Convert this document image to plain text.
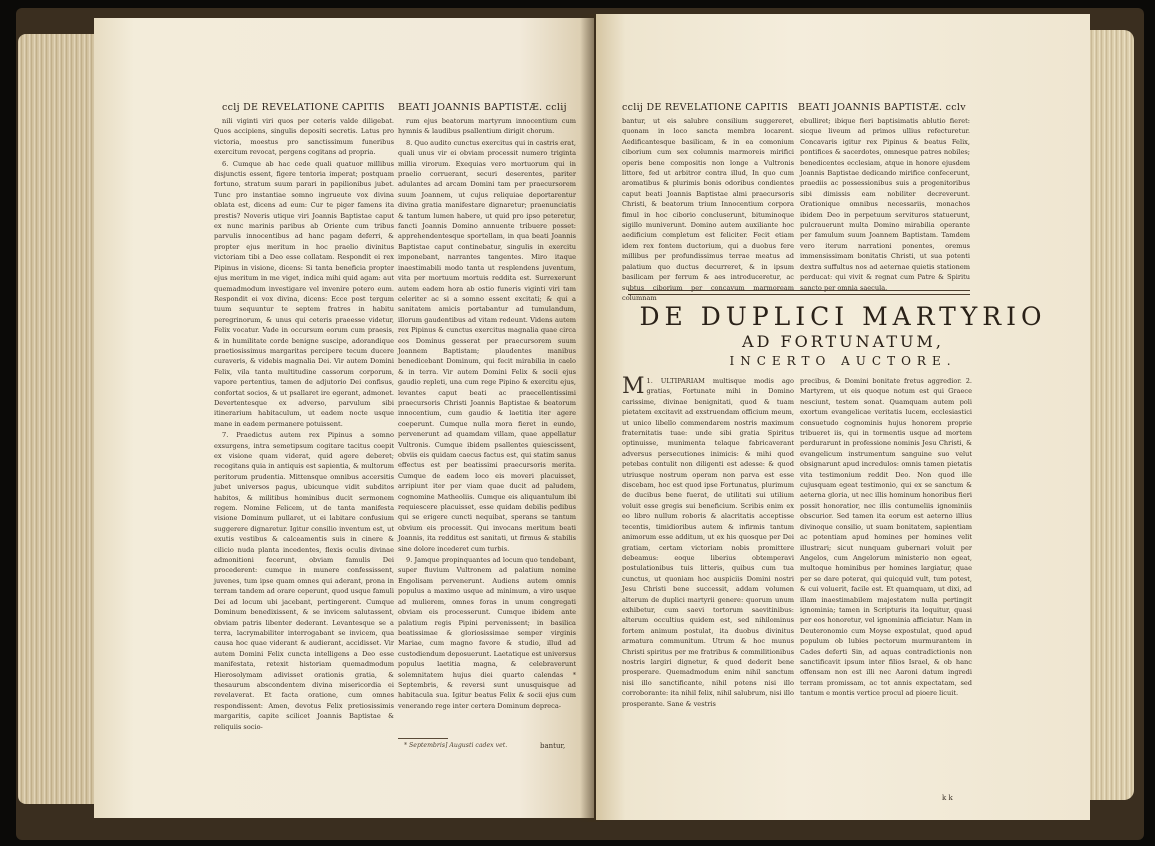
cclj DE REVELATIONE CAPITIS BEATI JOANNIS BAPTISTÆ. cclij

nili viginti viri quos per ceteris valde diligebat. Quos accipiens, singulis depositi secretis. Latus pro victoria, moestus pro sanctissimum funeribus exercitum revocat, pergens cogitans ad propria.

6. Cumque ab hac cede quali quatuor millibus disjunctis essent, figere tentoria imperat; postquam fortuno, stratum suum parari in papilionibus jubet. Tunc pro instantiae somno ingrueute vox divina oblata est, dicens ad eum: Cur te piger famens ita prestis? Noveris utique viri Joannis Baptistae caput ex nunc marinis paribus ab Oriente cum tribus parvulis innocentibus ad hanc pagam deferri, & propter ejus meritum in hoc praelio divinitus victoriam tibi a Deo esse collatam. Respondit ei rex Pipinus in visione, dicens: Si tanta beneficia propter ejus meritum in me viget, indica mihi quid agam: aut quemadmodum investigare vel invenire potero eum. Respondit ei vox divina, dicens: Ecce post tergum tuum sequuntur te septem fratres in habitu peregrinorum, & unus qui ceteris praeesse videtur, Felix vocatur. Vade in occursum eorum cum praesis, & in humilitate corde benigne suscipe, adorandique praetiosissimus margaritas percipere tecum ducere curaveris, & videbis magnalia Dei. Vir autem Domini Felix, vila tanta multitudine cassorum corporum, vapore pertentius, tamen de adjutorio Dei confisus, confortat socios, & ut psallaret ire egerant, admonet. Devertentesque ex adverso, parvulum sibi itinerarium habitaculum, ut eadem nocte usque mane in eadem permanere potuissent.

7. Praedictus autem rex Pipinus a somno exsurgens, intra semetipsum cogitare tacitus coepit ex visione quam viderat, quid agere deberet; recogitans quia in antiquis est sapientia, & multorum peritorum prudentia. Mittensque omnibus accersitis jubet universos pagus, ubicunque vidit subditos habitos, & militibus hominibus ducit sermonem regem. Nomine Felicem, ut de tanta manifesta visione Dominum pullaret, ut ei labitare confusium suggerere dignaretur. Igitur consilio inventum est, ut exutis vestibus & calceamentis suis in cinere & cilicio nuda planta incedentes, flexis oculis divinae admonitioni fecerunt, obviam famulis Dei procederent: cumque in munere confessissent, juvenes, tum ipse quam omnes qui aderant, prona in terram tandem ad orare ceperunt, quod usque famuli Dei ad locum ubi jacebant, pertingerent. Cumque Dominum benedixissent, & se invicem salutassent, obviam patris libenter dederant. Levantesque se a terra, lacrymabiliter interrogabant se invicem, qua causa hoc quae viderant & audierant, accidisset. Vir autem Domini Felix cuncta intelligens a Deo esse manifestata, retexit historiam quemadmodum Hierosolymam adivisset orationis gratia, & thesaurum abscondentem divina misericordia ei revelaverat. Et facta oratione, cum omnes respondissent: Amen, devotus Felix pretiosissimis margaritis, capite scilicet Joannis Baptistae & reliquiis socio-

rum ejus beatorum martyrum innocentium cum hymnis & laudibus psallentium dirigit chorum.

8. Quo audito cunctus exercitus qui in castris erat, quali unus vir ei obviam processit numero triginta millia virorum. Exequias vero mortuorum qui in praelio corruerant, securi deserentes, pariter adulantes ad arcam Domini tam per praecursorem suum Joannem, ut cujus reliquiae deportarentur divina gratia manifestare dignaretur; praenunciatis & tantum lumen habere, ut quid pro ipso peteretur, fancti Joannis Domino annuente tribuere posset: apprehendentesque sportellam, in qua beati Joannis Baptistae caput continebatur, singulis in exercitu imponebant, narrantes tangentes. Miro itaque inaestimabili modo tanta ut resplendens juventum, vita per mortuum mortuis reddita est. Surrexerunt autem eadem hora ab ostio funeris viginti viri tam celeriter ac si a somno essent excitati; & qui a sanitatem amicis portabantur ad tumulandum, illorum gaudentibus ad vitam redeunt. Videns autem rex Pipinus & cunctus exercitus magnalia quae circa eos Dominus gesserat per praecursorem suum Joannem Baptistam; plaudentes manibus benedicebant Dominum, qui fecit mirabilia in caelo & in terra. Vir autem Domini Felix & socii ejus gaudio repleti, una cum rege Pipino & exercitu ejus, levantes caput beati ac praecellentissimi praecursoris Christi Joannis Baptistae & beatorum innocentium, cum gaudio & laetitia iter agere coeperunt. Cumque nulla mora fieret in eundo, pervenerunt ad quamdam villam, quae appellatur Vultronis. Cumque ibidem psallentes quiescissent, obviis eis quidam caecus factus est, qui statim sanus effectus est per beatissimi praecursoris merita. Cumque de eadem loco eis moveri placuisset, arripiunt iter per viam quae ducit ad paludem, cognomine Matheoliis. Cumque eis aliquantulum ibi requiescere placuisset, esse quidam debilis pedibus qui se erigere cuncti nequibat, sperans se tantum obvium eis processit. Qui invocans meritum beati Joannis, ita redditus est sanitati, ut firmus & stabilis sine dolore incederet cum turbis.

9. Jamque propinquantes ad locum quo tendebant, super fluvium Vultronem ad palatium nomine Engolisam pervenerunt. Audiens autem omnis populus a maximo usque ad minimum, a viro usque ad mulierem, omnes foras in unum congregati obviam eis processerunt. Cumque ibidem ante palatium regis Pipini pervenissent; in basilica beatissimae & gloriosissimae semper virginis Mariae, cum magno favore & studio, illud ad custodiendum deposuerunt. Laetatique est universus populus laetitia magna, & celebraverunt solemnitatem hujus diei quarto calendas * Septembris, & reversi sunt unusquisque ad habitacula sua. Igitur beatus Felix & socii ejus cum venerando rege inter certera Dominum depreca-

* Septembris] Augusti cadex vet.	bantur,
cclij DE REVELATIONE CAPITIS BEATI JOANNIS BAPTISTÆ. cclv

bantur, ut eis salubre consilium suggereret, quonam in loco sancta membra locarent. Aedificantesque basilicam, & in ea comonium ciborium cum sex columnis marmoreis mirifici operis bene compositis non longe a Vultronis littore, fed ut arbitror contra illud, In quo cum aromatibus & plurimis bonis odoribus condientes caput beati Joannis Baptistae almi praecursoris Christi, & beatorum trium Innocentium corpora fimul in hoc ciborio concluserunt, bituminoque sigillo muniverunt. Domino autem auxiliante hoc aedificium completum est feliciter. Fecit etiam idem rex fontem ductorium, qui a duobus fere millibus per profundissimus terrae meatus ad palatium quo ductus decurreret, & in ipsum basilicam per ferrum & aes introduceretur, ac subtus ciborium per concavum marmoream columnam

ebulliret; ibique fieri baptisimatis ablutio fieret: sicque liveum ad primos ullius refecturetur. Concavaris igitur rex Pipinus & beatus Felix, pontifices & sacerdotes, omnesque patres nobiles; benedicentes ecclesiam, atque in honore ejusdem Joannis Baptistae dedicando mirifice confecerunt, praediis ac possessionibus suis a progenitoribus sibi dimissis eam nobiliter decreverunt. Orationique omnibus necessariis, monachos ibidem Deo in perpetuum servituros statuerunt, pulcrauerunt multa Domino mirabilia operante per famulum suum Joannem Baptistam. Tamdem vero iterum narrationi ponentes, oremus immensissimam bonitatis Christi, ut sua potenti dextra suffultus nos ad aeternae quietis stationem perducat: qui vivit & regnat cum Patre & Spiritu sancto per omnia saecula.

DE DUPLICI MARTYRIO
AD FORTUNATUM,
INCERTO AUCTORE.
M 1. ULTIPARIAM multisque modis ago gratias, Fortunate mihi in Domino carissime, divinae benignitati, quod & tuam pietatem excitavit ad exstruendam officium meum, ut unico libello commendarem nostris maximum fraternitatis tuae: unde sibi gratia Spiritus optinuisse, munimenta telaque fabricaverant adversus persecutiones inimicis: & mihi quod petebas contulit non diligenti est adesse: & quod utriusque nostrum operam non parva est esse discebam, hoc est quod ipse Fortunatus, plurimum de ducibus bene fuerat, de utilitati sui utilium voluit esse gregis sui beneficium. Scribis enim ex eo libro nullum roboris & alacritatis acceptisse tecentis, timidioribus autem & infirmis tantum animorum esse additum, ut ex his quosque per Dei gratiam, certam victoriam nobis promittere debeamus: eoque liberius obtemperavi postulationibus tuis litteris, quibus cum tua cunctus, ut quoniam hoc auspiciis Domini nostri Jesu Christi bene successit, addam volumen alterum de duplici martyrii genere: quorum unum exhibetur, cum saevi tortorum saevitinibus: alterum occultius quidem est, sed nihilominus fortem animum postulat, ita duobus divinitus armatura communitum. Utrum & hoc munus Christi spiritus per me fratribus & commilitionibus nostris largiri dignetur, & quod dederit bene prosperare. Quemadmodum enim nihil sanctum nisi illo sanctificante, nihil potens nisi illo corroborante: ita nihil felix, nihil salubrum, nisi illo prosperante. Sane & vestris

precibus, & Domini bonitate fretus aggredior. 2. Martyrem, ut eis quoque notum est qui Graece nesciunt, testem sonat. Quamquam autem poli exortum evangelicae veritatis lucem, ecclesiastici consuetudo cognominis hujus honorem proprie tribueret iis, qui in tormentis usque ad mortem perdurarunt in professione nominis Jesu Christi, & evangelicum instrumentum sanguine suo velut obsignarunt apud incredulos: omnis tamen pietatis vita testimonium reddit Deo. Non quod ille cujusquam egeat testimonio, qui ex se sanctum & aeterna gloria, ut nec illis hominum honoribus fieri possit honoratior, nec illis contumeliis ignominiis obscurior. Sed tamen ita eorum est aeterno illius divinoque consilio, ut suam bonitatem, sapientiam ac potentiam apud homines per homines velit illustrari; sicut nunquam gubernari voluit per Angelos, cum Angelorum ministerio non egeat, multoque hominibus per homines largiatur, quae per se dare poterat, qui quicquid vult, tum potest, & cui voluerit, facile est. Et quamquam, ut dixi, ad illam inaestimabilem majestatem nulla pertingit ignominia; tamen in Scripturis ita loquitur, quasi per eos honoretur, vel ignominia afficiatur. Nam in Deuteronomio cum Moyse expostulat, quod apud populum ob lubies pectorum murmurantem in Cades deferti Sin, ad aquas contradictionis non sanctificavit ipsum inter filios Israel, & ob hanc offensam non est illi nec Aaroni datum ingredi terram promissam, ac tot annis expectatam, sed tantum e montis vertice procul ad pioere licuit.

k k
